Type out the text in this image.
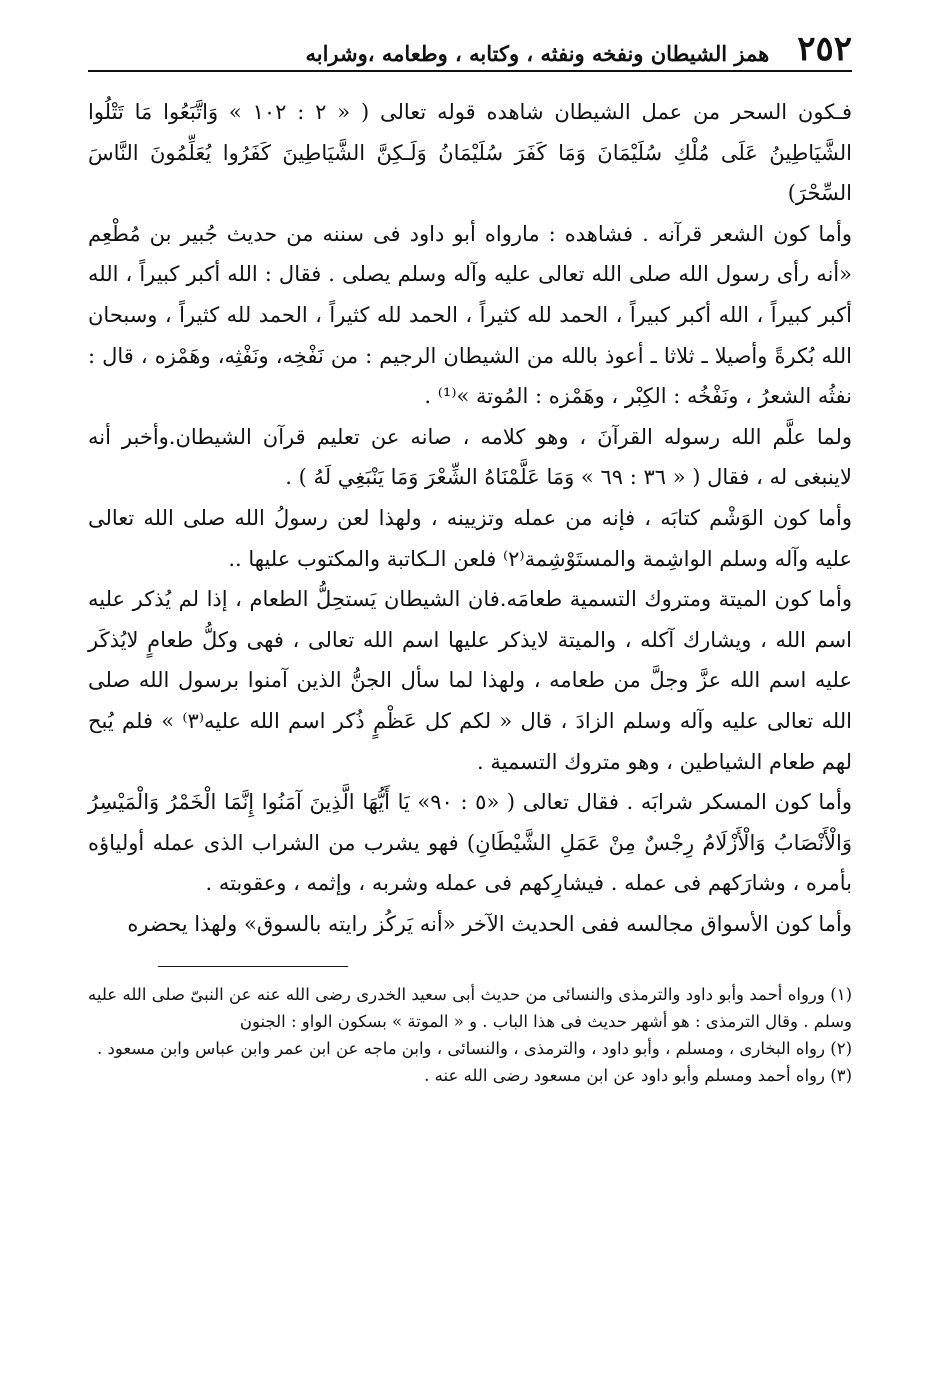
٢٥٢
همز الشيطان ونفخه ونفثه ، وكتابه ، وطعامه ،وشرابه

فـكون السحر من عمل الشيطان شاهده قوله تعالى ( « ٢ : ١٠٢ » وَاتَّبَعُوا مَا تَتْلُوا الشَّيَاطِينُ عَلَى مُلْكِ سُلَيْمَانَ وَمَا كَفَرَ سُلَيْمَانُ وَلَـكِنَّ الشَّيَاطِينَ كَفَرُوا يُعَلِّمُونَ النَّاسَ السِّحْرَ)

وأما كون الشعر قرآنه . فشاهده : مارواه أبو داود فى سننه من حديث جُبير بن مُطْعِم «أنه رأى رسول الله صلى الله تعالى عليه وآله وسلم يصلى . فقال : الله أكبر كبيراً ، الله أكبر كبيراً ، الله أكبر كبيراً ، الحمد لله كثيراً ، الحمد لله كثيراً ، الحمد لله كثيراً ، وسبحان الله بُكرةً وأصيلا ـ ثلاثا ـ أعوذ بالله من الشيطان الرجيم : من نَفْخِه، ونَفْثِه، وهَمْزه ، قال : نفثُه الشعرُ ، ونَفْخُه : الكِبْر ، وهَمْزه : المُوتة »⁽¹⁾ .

ولما علَّم الله رسوله القرآنَ ، وهو كلامه ، صانه عن تعليم قرآن الشيطان.وأخبر أنه لاينبغى له ، فقال ( « ٣٦ : ٦٩ » وَمَا عَلَّمْنَاهُ الشِّعْرَ وَمَا يَنْبَغِي لَهُ ) .

وأما كون الوَشْم كتابَه ، فإنه من عمله وتزيينه ، ولهذا لعن رسولُ الله صلى الله تعالى عليه وآله وسلم الواشِمة والمستَوْشِمة⁽٢⁾ فلعن الـكاتبة والمكتوب عليها ..

وأما كون الميتة ومتروك التسمية طعامَه.فان الشيطان يَستحِلُّ الطعام ، إذا لم يُذكر عليه اسم الله ، ويشارك آكله ، والميتة لايذكر عليها اسم الله تعالى ، فهى وكلُّ طعامٍ لايُذكَر عليه اسم الله عزَّ وجلَّ من طعامه ، ولهذا لما سأل الجنُّ الذين آمنوا برسول الله صلى الله تعالى عليه وآله وسلم الزادَ ، قال « لكم كل عَظْمٍ ذُكر اسم الله عليه⁽٣⁾ » فلم يُبح لهم طعام الشياطين ، وهو متروك التسمية .

وأما كون المسكر شرابَه . فقال تعالى ( «٥ : ٩٠» يَا أَيُّهَا الَّذِينَ آمَنُوا إِنَّمَا الْخَمْرُ وَالْمَيْسِرُ وَالْأَنْصَابُ وَالْأَزْلَامُ رِجْسٌ مِنْ عَمَلِ الشَّيْطَانِ) فهو يشرب من الشراب الذى عمله أولياؤه بأمره ، وشارَكهم فى عمله . فيشارِكهم فى عمله وشربه ، وإثمه ، وعقوبته .

وأما كون الأسواق مجالسه ففى الحديث الآخر «أنه يَركُز رايته بالسوق» ولهذا يحضره

(١) ورواه أحمد وأبو داود والترمذى والنسائى من حديث أبى سعيد الخدرى رضى الله عنه عن النبىّ صلى الله عليه وسلم . وقال الترمذى : هو أشهر حديث فى هذا الباب . و « الموتة » بسكون الواو : الجنون

(٢) رواه البخارى ، ومسلم ، وأبو داود ، والترمذى ، والنسائى ، وابن ماجه عن ابن عمر وابن عباس وابن مسعود .

(٣) رواه أحمد ومسلم وأبو داود عن ابن مسعود رضى الله عنه .
